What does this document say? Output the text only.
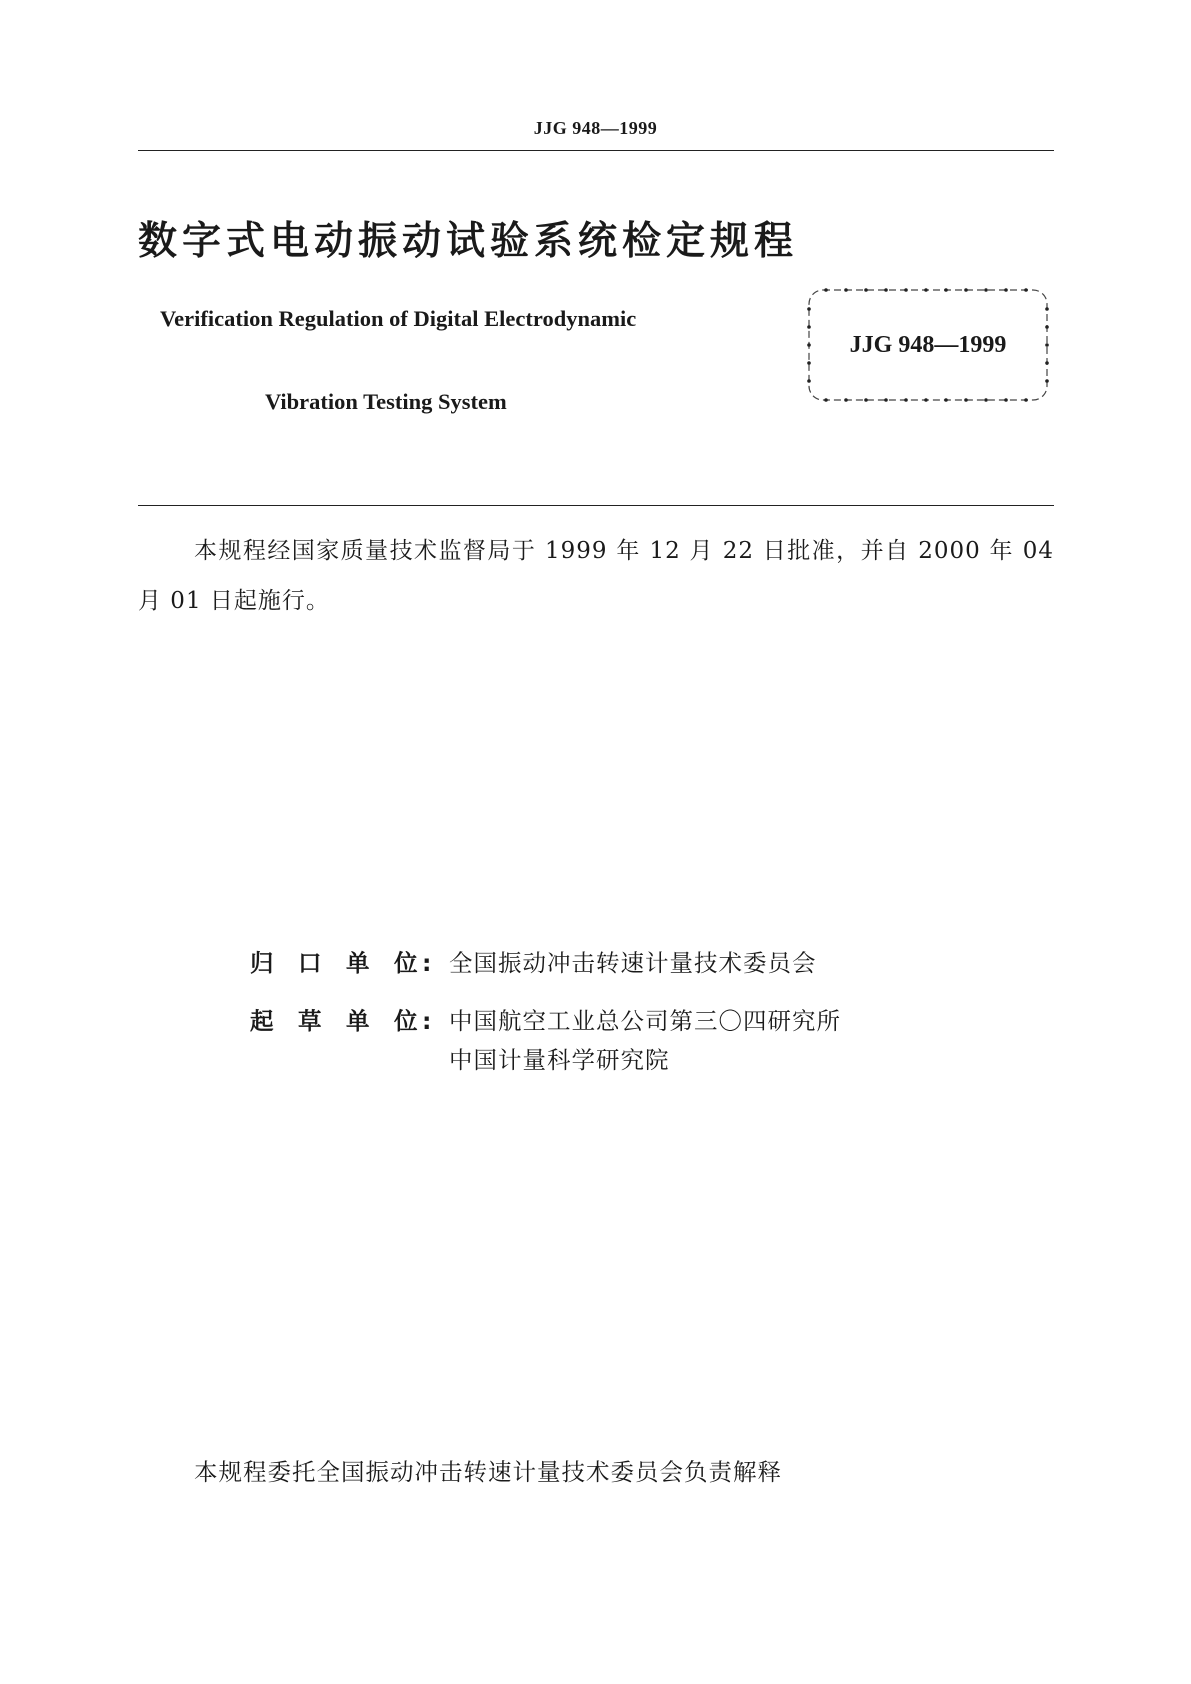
JJG 948—1999
数字式电动振动试验系统检定规程
Verification Regulation of Digital Electrodynamic
Vibration Testing System
JJG 948—1999
本规程经国家质量技术监督局于 1999 年 12 月 22 日批准，并自 2000 年 04 月 01 日起施行。
归 口 单 位 : 全国振动冲击转速计量技术委员会
起 草 单 位 : 中国航空工业总公司第三〇四研究所
中国计量科学研究院
本规程委托全国振动冲击转速计量技术委员会负责解释
